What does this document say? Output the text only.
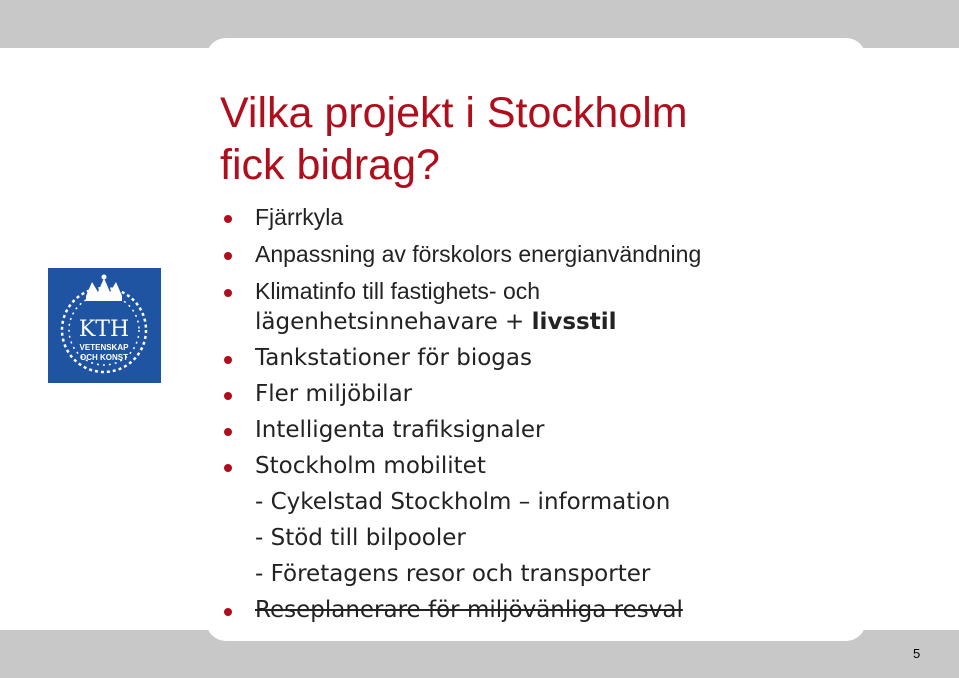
KTH
VETENSKAP
OCH KONST
Vilka projekt i Stockholm
fick bidrag?
Fjärrkyla
Anpassning av förskolors energianvändning
Klimatinfo till fastighets- och
lägenhetsinnehavare + livsstil
Tankstationer för biogas
Fler miljöbilar
Intelligenta trafiksignaler
Stockholm mobilitet
- Cykelstad Stockholm – information
- Stöd till bilpooler
- Företagens resor och transporter
Reseplanerare för miljövänliga resval
5
